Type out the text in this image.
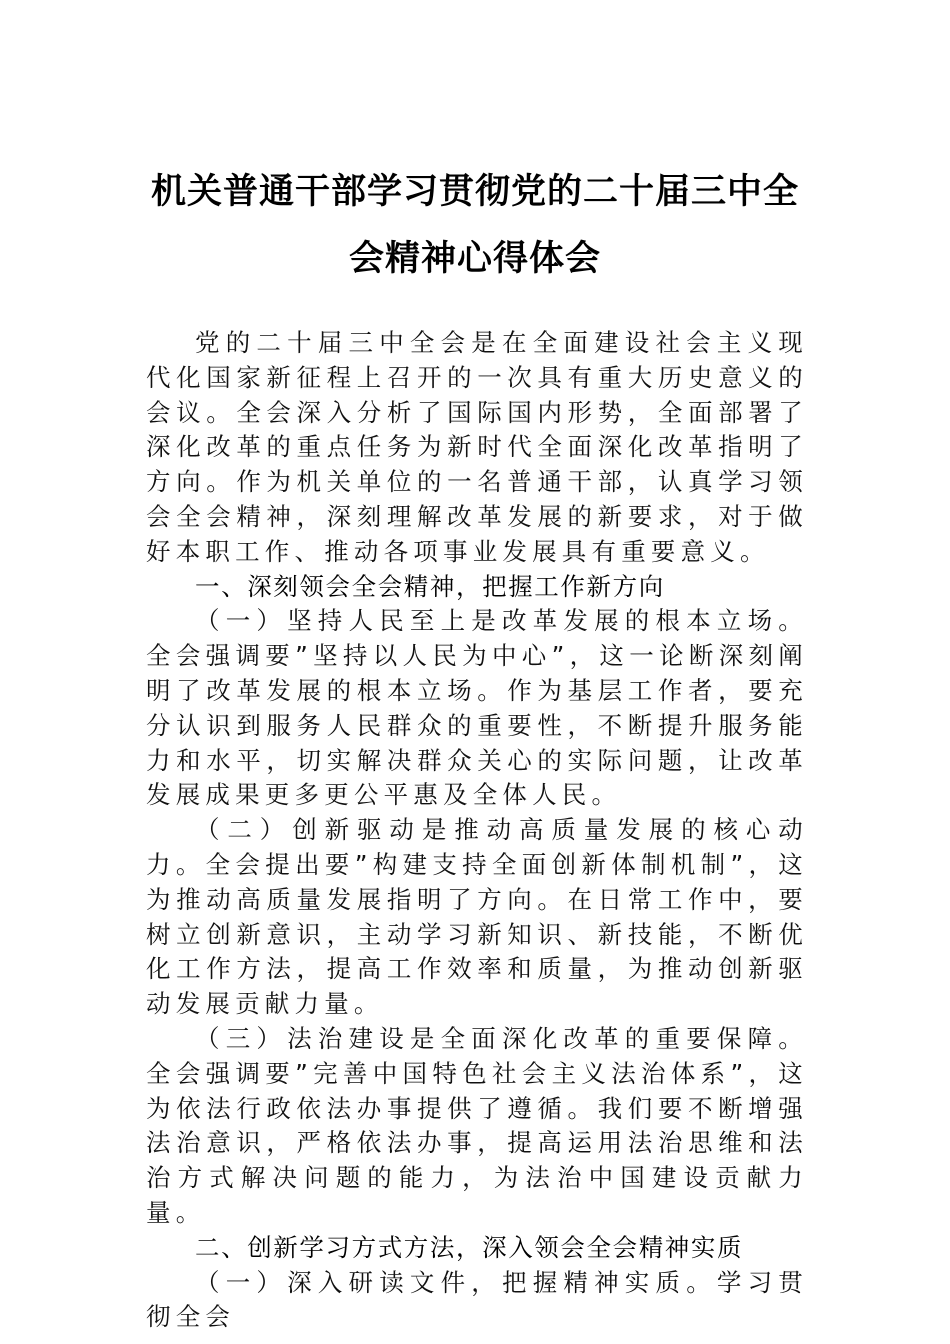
机关普通干部学习贯彻党的二十届三中全
会精神心得体会

党的二十届三中全会是在全面建设社会主义现代化国家新征程上召开的一次具有重大历史意义的会议。全会深入分析了国际国内形势，全面部署了深化改革的重点任务为新时代全面深化改革指明了方向。作为机关单位的一名普通干部，认真学习领会全会精神，深刻理解改革发展的新要求，对于做好本职工作、推动各项事业发展具有重要意义。

一、深刻领会全会精神，把握工作新方向

（一）坚持人民至上是改革发展的根本立场。全会强调要”坚持以人民为中心”，这一论断深刻阐明了改革发展的根本立场。作为基层工作者，要充分认识到服务人民群众的重要性，不断提升服务能力和水平，切实解决群众关心的实际问题，让改革发展成果更多更公平惠及全体人民。

（二）创新驱动是推动高质量发展的核心动力。全会提出要”构建支持全面创新体制机制”，这为推动高质量发展指明了方向。在日常工作中，要树立创新意识，主动学习新知识、新技能，不断优化工作方法，提高工作效率和质量，为推动创新驱动发展贡献力量。

（三）法治建设是全面深化改革的重要保障。全会强调要”完善中国特色社会主义法治体系”，这为依法行政依法办事提供了遵循。我们要不断增强法治意识，严格依法办事，提高运用法治思维和法治方式解决问题的能力，为法治中国建设贡献力量。

二、创新学习方式方法，深入领会全会精神实质

（一）深入研读文件，把握精神实质。学习贯彻全会
